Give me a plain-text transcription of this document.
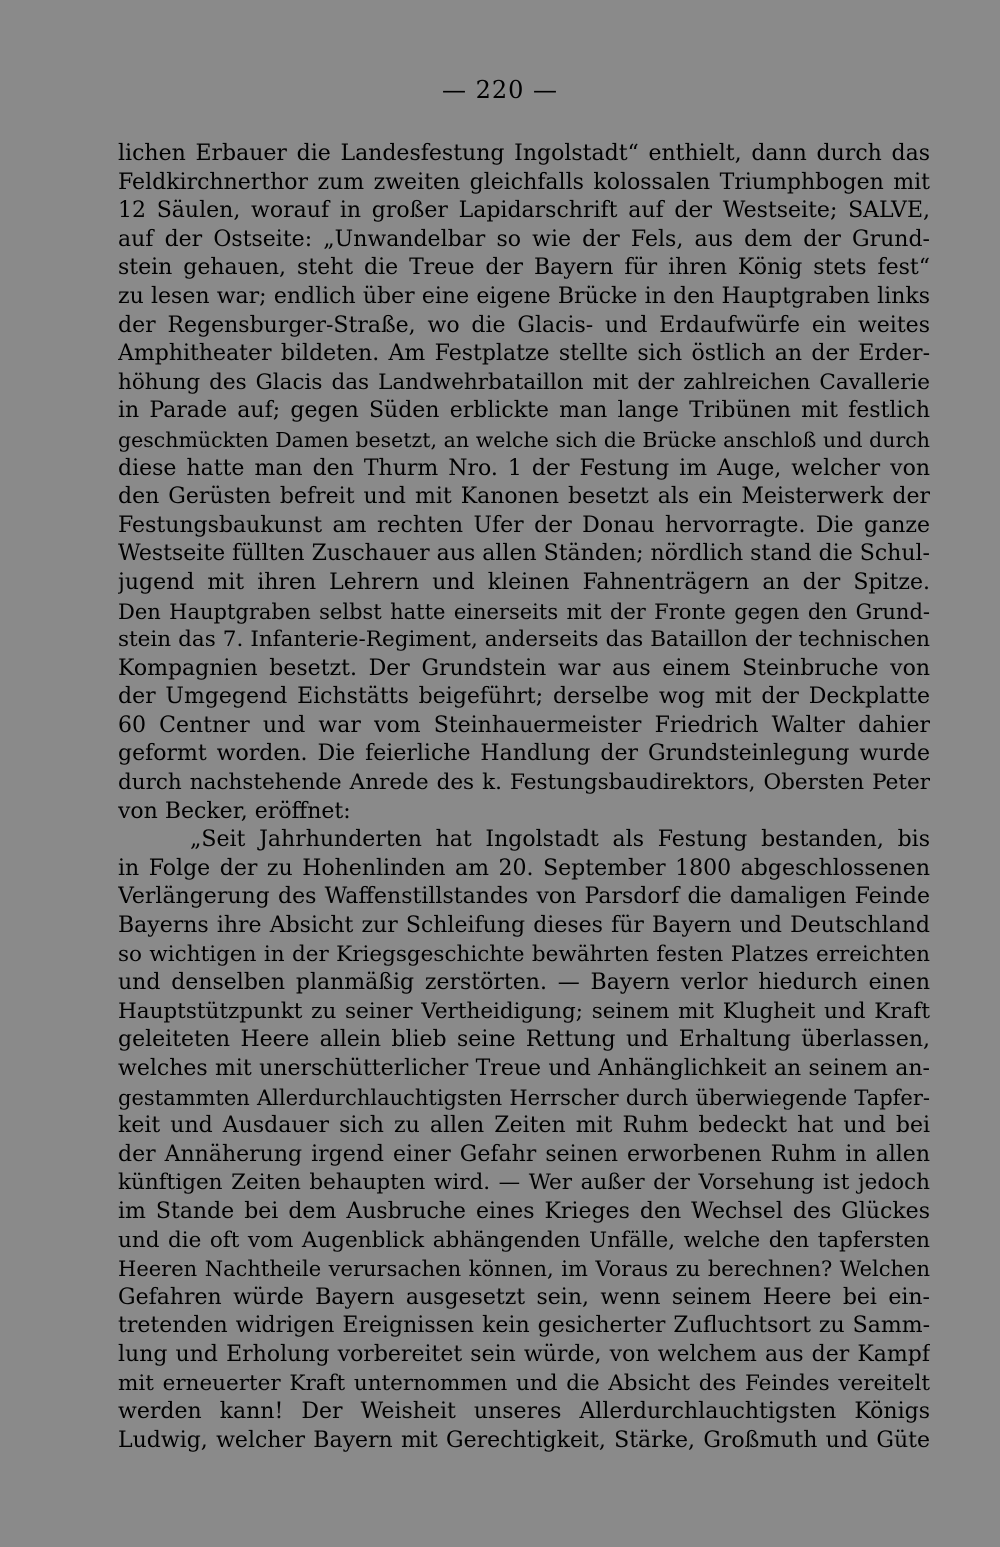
— 220 —
lichen Erbauer die Landesfestung Ingolstadt“ enthielt, dann durch das
Feldkirchnerthor zum zweiten gleichfalls kolossalen Triumphbogen mit
12 Säulen, worauf in großer Lapidarschrift auf der Westseite; SALVE,
auf der Ostseite: „Unwandelbar so wie der Fels, aus dem der Grund-
stein gehauen, steht die Treue der Bayern für ihren König stets fest“
zu lesen war; endlich über eine eigene Brücke in den Hauptgraben links
der Regensburger-Straße, wo die Glacis- und Erdaufwürfe ein weites
Amphitheater bildeten. Am Festplatze stellte sich östlich an der Erder-
höhung des Glacis das Landwehrbataillon mit der zahlreichen Cavallerie
in Parade auf; gegen Süden erblickte man lange Tribünen mit festlich
geschmückten Damen besetzt, an welche sich die Brücke anschloß und durch
diese hatte man den Thurm Nro. 1 der Festung im Auge, welcher von
den Gerüsten befreit und mit Kanonen besetzt als ein Meisterwerk der
Festungsbaukunst am rechten Ufer der Donau hervorragte. Die ganze
Westseite füllten Zuschauer aus allen Ständen; nördlich stand die Schul-
jugend mit ihren Lehrern und kleinen Fahnenträgern an der Spitze.
Den Hauptgraben selbst hatte einerseits mit der Fronte gegen den Grund-
stein das 7. Infanterie-Regiment, anderseits das Bataillon der technischen
Kompagnien besetzt. Der Grundstein war aus einem Steinbruche von
der Umgegend Eichstätts beigeführt; derselbe wog mit der Deckplatte
60 Centner und war vom Steinhauermeister Friedrich Walter dahier
geformt worden. Die feierliche Handlung der Grundsteinlegung wurde
durch nachstehende Anrede des k. Festungsbaudirektors, Obersten Peter
von Becker, eröffnet:
„Seit Jahrhunderten hat Ingolstadt als Festung bestanden, bis
in Folge der zu Hohenlinden am 20. September 1800 abgeschlossenen
Verlängerung des Waffenstillstandes von Parsdorf die damaligen Feinde
Bayerns ihre Absicht zur Schleifung dieses für Bayern und Deutschland
so wichtigen in der Kriegsgeschichte bewährten festen Platzes erreichten
und denselben planmäßig zerstörten. — Bayern verlor hiedurch einen
Hauptstützpunkt zu seiner Vertheidigung; seinem mit Klugheit und Kraft
geleiteten Heere allein blieb seine Rettung und Erhaltung überlassen,
welches mit unerschütterlicher Treue und Anhänglichkeit an seinem an-
gestammten Allerdurchlauchtigsten Herrscher durch überwiegende Tapfer-
keit und Ausdauer sich zu allen Zeiten mit Ruhm bedeckt hat und bei
der Annäherung irgend einer Gefahr seinen erworbenen Ruhm in allen
künftigen Zeiten behaupten wird. — Wer außer der Vorsehung ist jedoch
im Stande bei dem Ausbruche eines Krieges den Wechsel des Glückes
und die oft vom Augenblick abhängenden Unfälle, welche den tapfersten
Heeren Nachtheile verursachen können, im Voraus zu berechnen? Welchen
Gefahren würde Bayern ausgesetzt sein, wenn seinem Heere bei ein-
tretenden widrigen Ereignissen kein gesicherter Zufluchtsort zu Samm-
lung und Erholung vorbereitet sein würde, von welchem aus der Kampf
mit erneuerter Kraft unternommen und die Absicht des Feindes vereitelt
werden kann! Der Weisheit unseres Allerdurchlauchtigsten Königs
Ludwig, welcher Bayern mit Gerechtigkeit, Stärke, Großmuth und Güte
